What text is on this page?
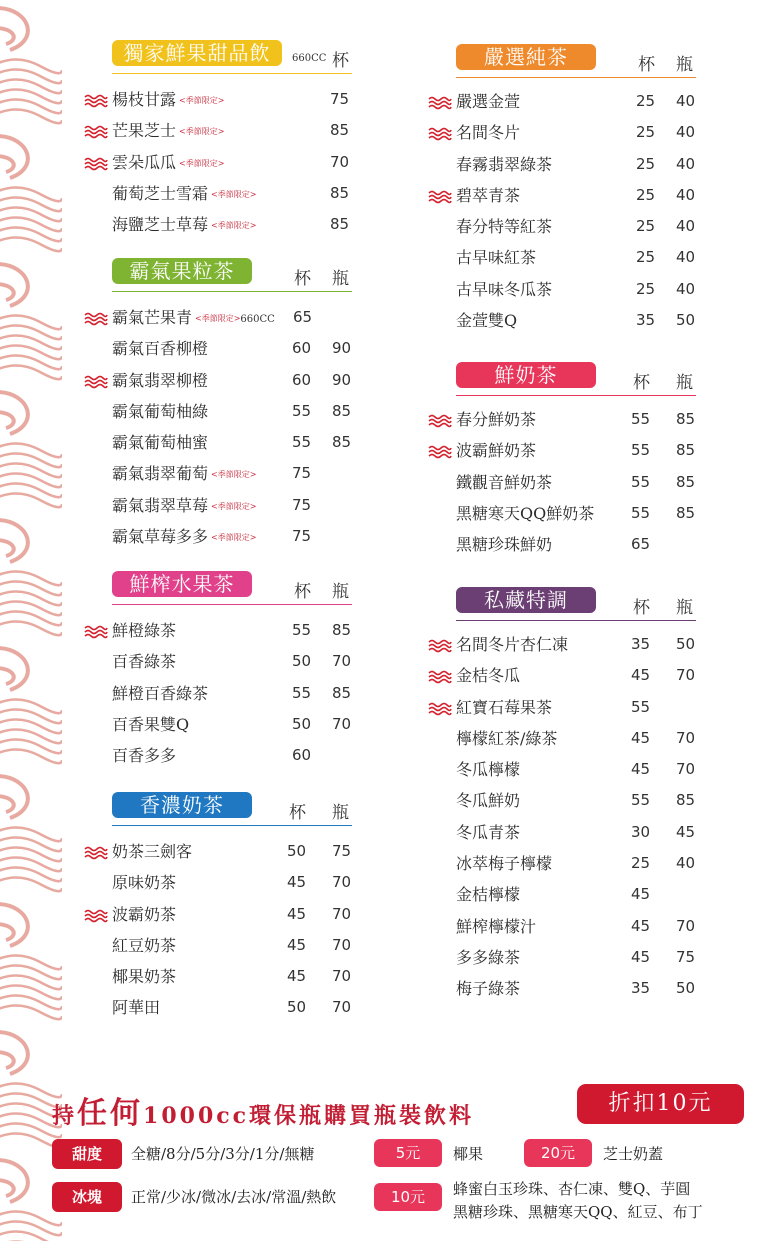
獨家鮮果甜品飲	660CC 杯
楊枝甘露 <季節限定>	75
芒果芝士 <季節限定>	85
雲朵瓜瓜 <季節限定>	70
葡萄芝士雪霜 <季節限定>	85
海鹽芝士草莓 <季節限定>	85
霸氣果粒茶	杯 瓶
霸氣芒果青 <季節限定>660CC 65
霸氣百香柳橙	60 90
霸氣翡翠柳橙	60 90
霸氣葡萄柚綠	55 85
霸氣葡萄柚蜜	55 85
霸氣翡翠葡萄 <季節限定> 75
霸氣翡翠草莓 <季節限定> 75
霸氣草莓多多 <季節限定> 75
鮮榨水果茶	杯 瓶
鮮橙綠茶	55 85
百香綠茶	50 70
鮮橙百香綠茶	55 85
百香果雙Q	50 70
百香多多	60
香濃奶茶	杯 瓶
奶茶三劍客	50 75
原味奶茶	45 70
波霸奶茶	45 70
紅豆奶茶	45 70
椰果奶茶	45 70
阿華田	50 70
嚴選純茶	杯 瓶
嚴選金萱	25 40
名間冬片	25 40
春霧翡翠綠茶	25 40
碧萃青茶	25 40
春分特等紅茶	25 40
古早味紅茶	25 40
古早味冬瓜茶	25 40
金萱雙Q	35 50
鮮奶茶	杯 瓶
春分鮮奶茶	55 85
波霸鮮奶茶	55 85
鐵觀音鮮奶茶	55 85
黑糖寒天QQ鮮奶茶 55 85
黑糖珍珠鮮奶	65
私藏特調	杯 瓶
名間冬片杏仁凍	35 50
金桔冬瓜	45 70
紅寶石莓果茶	55
檸檬紅茶/綠茶	45 70
冬瓜檸檬	45 70
冬瓜鮮奶	55 85
冬瓜青茶	30 45
冰萃梅子檸檬	25 40
金桔檸檬	45
鮮榨檸檬汁	45 70
多多綠茶	45 75
梅子綠茶	35 50
持任何1000cc環保瓶購買瓶裝飲料	折扣10元
甜度	全糖/8分/5分/3分/1分/無糖
冰塊	正常/少冰/微冰/去冰/常溫/熱飲
5元	椰果	20元	芝士奶蓋
10元	蜂蜜白玉珍珠、杏仁凍、雙Q、芋圓
黑糖珍珠、黑糖寒天QQ、紅豆、布丁
